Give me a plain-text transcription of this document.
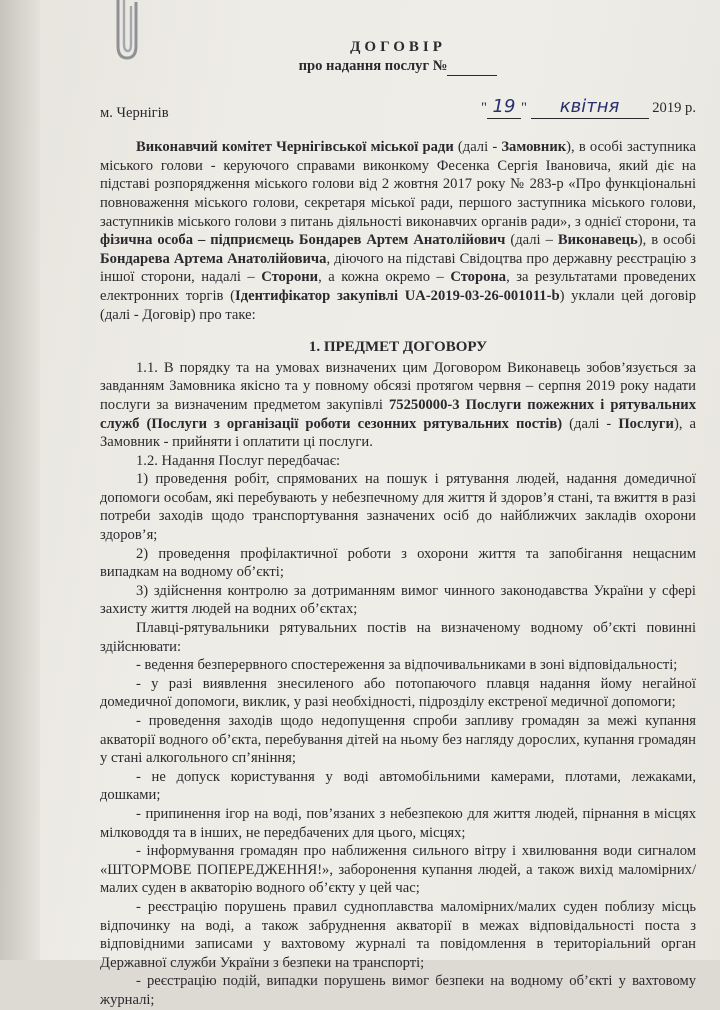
ДОГОВІР
про надання послуг №
м. Чернігів	" 19 " квітня 2019 р.

Виконавчий комітет Чернігівської міської ради (далі - Замовник), в особі заступника міського голови - керуючого справами виконкому Фесенка Сергія Івановича, який діє на підставі розпорядження міського голови від 2 жовтня 2017 року № 283-р «Про функціональні повноваження міського голови, секретаря міської ради, першого заступника міського голови, заступників міського голови з питань діяльності виконавчих органів ради», з однієї сторони, та фізична особа – підприємець Бондарев Артем Анатолійович (далі – Виконавець), в особі Бондарева Артема Анатолійовича, діючого на підставі Свідоцтва про державну реєстрацію з іншої сторони, надалі – Сторони, а кожна окремо – Сторона, за результатами проведених електронних торгів (Ідентифікатор закупівлі UA-2019-03-26-001011-b) уклали цей договір (далі - Договір) про таке:

1. ПРЕДМЕТ ДОГОВОРУ

1.1. В порядку та на умовах визначених цим Договором Виконавець зобов’язується за завданням Замовника якісно та у повному обсязі протягом червня – серпня 2019 року надати послуги за визначеним предметом закупівлі 75250000-3 Послуги пожежних і рятувальних служб (Послуги з організації роботи сезонних рятувальних постів) (далі - Послуги), а Замовник - прийняти і оплатити ці послуги.

1.2. Надання Послуг передбачає:

1) проведення робіт, спрямованих на пошук і рятування людей, надання домедичної допомоги особам, які перебувають у небезпечному для життя й здоров’я стані, та вжиття в разі потреби заходів щодо транспортування зазначених осіб до найближчих закладів охорони здоров’я;

2) проведення профілактичної роботи з охорони життя та запобігання нещасним випадкам на водному об’єкті;

3) здійснення контролю за дотриманням вимог чинного законодавства України у сфері захисту життя людей на водних об’єктах;

Плавці-рятувальники рятувальних постів на визначеному водному об’єкті повинні здійснювати:

- ведення безперервного спостереження за відпочивальниками в зоні відповідальності;

- у разі виявлення знесиленого або потопаючого плавця надання йому негайної домедичної допомоги, виклик, у разі необхідності, підрозділу екстреної медичної допомоги;

- проведення заходів щодо недопущення спроби запливу громадян за межі купання акваторії водного об’єкта, перебування дітей на ньому без нагляду дорослих, купання громадян у стані алкогольного сп’яніння;

- не допуск користування у воді автомобільними камерами, плотами, лежаками, дошками;

- припинення ігор на воді, пов’язаних з небезпекою для життя людей, пірнання в місцях мілководдя та в інших, не передбачених для цього, місцях;

- інформування громадян про наближення сильного вітру і хвилювання води сигналом «ШТОРМОВЕ ПОПЕРЕДЖЕННЯ!», заборонення купання людей, а також вихід маломірних/малих суден в акваторію водного об’єкту у цей час;

- реєстрацію порушень правил судноплавства маломірних/малих суден поблизу місць відпочинку на воді, а також забруднення акваторії в межах відповідальності поста з відповідними записами у вахтовому журналі та повідомлення в територіальний орган Державної служби України з безпеки на транспорті;

- реєстрацію подій, випадки порушень вимог безпеки на водному об’єкті у вахтовому журналі;
